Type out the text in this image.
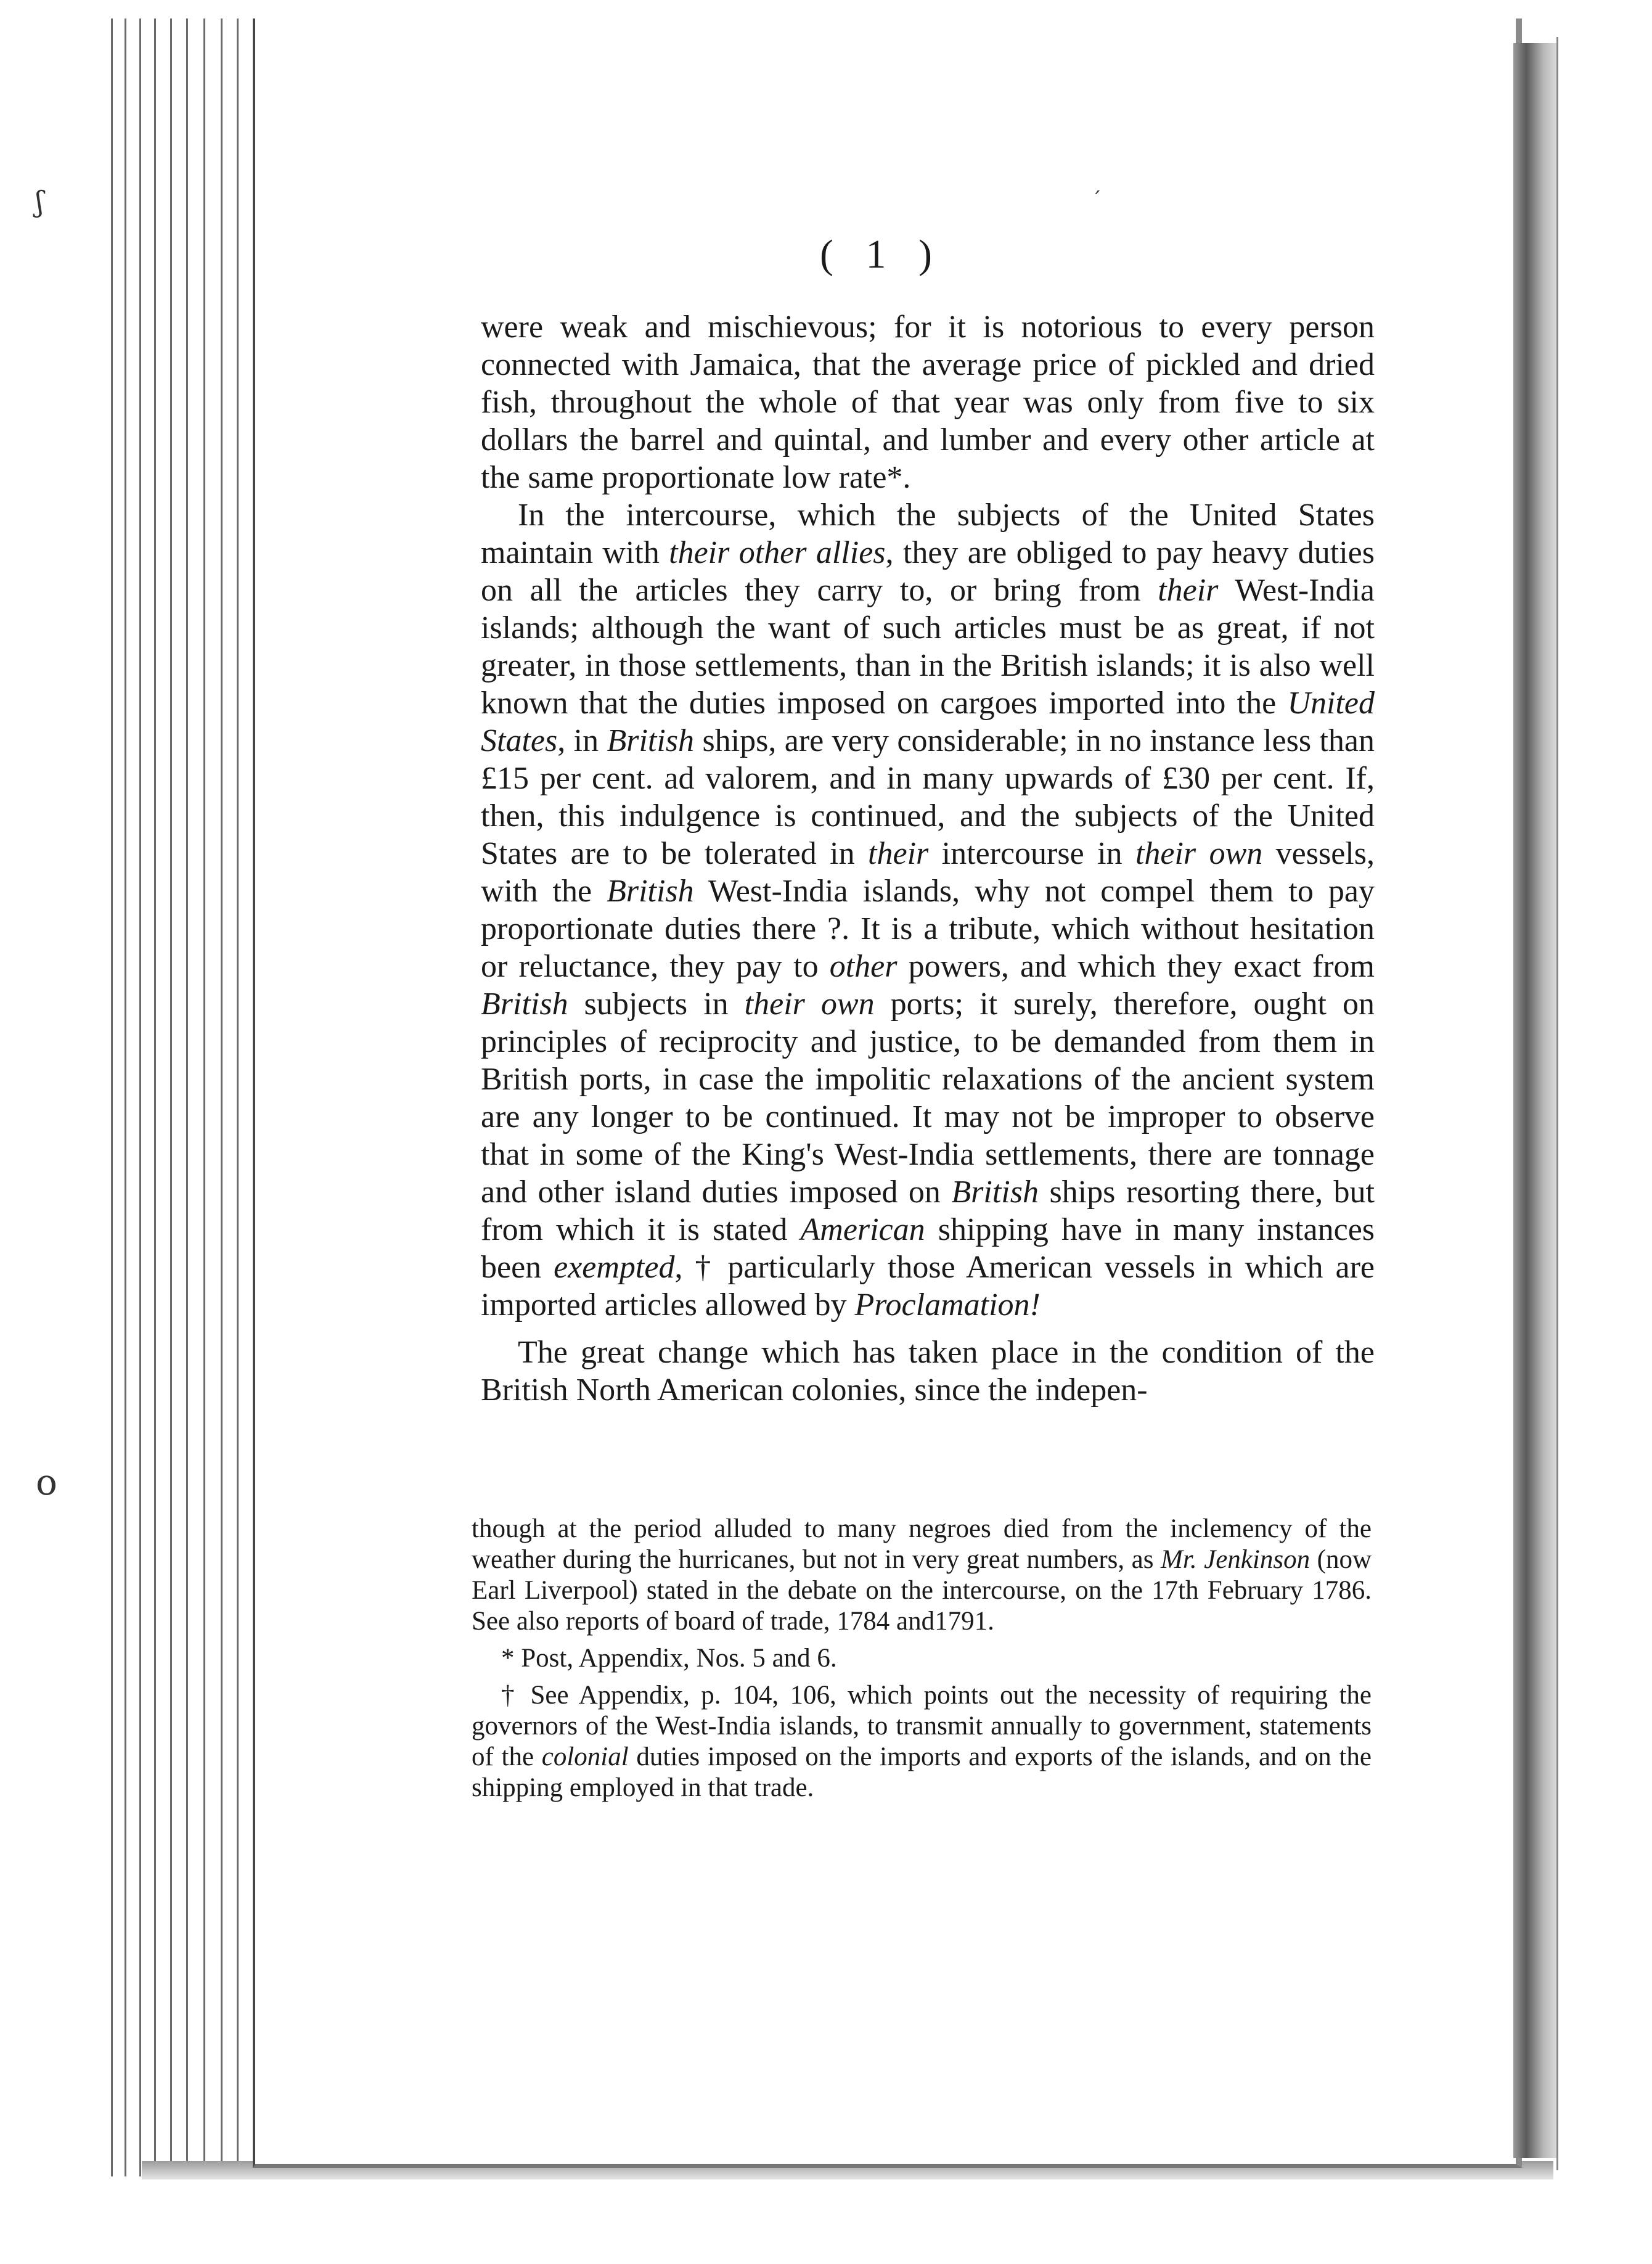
ʃ
o
ˊ
( 1 )

were weak and mischievous; for it is notorious to every person connected with Jamaica, that the average price of pickled and dried fish, throughout the whole of that year was only from five to six dollars the barrel and quintal, and lumber and every other article at the same proportionate low rate*.

In the intercourse, which the subjects of the United States maintain with their other allies, they are obliged to pay heavy duties on all the articles they carry to, or bring from their West-India islands; although the want of such articles must be as great, if not greater, in those settlements, than in the British islands; it is also well known that the duties imposed on cargoes imported into the United States, in British ships, are very considerable; in no instance less than £15 per cent. ad valorem, and in many upwards of £30 per cent. If, then, this indulgence is continued, and the subjects of the United States are to be tolerated in their intercourse in their own vessels, with the British West-India islands, why not compel them to pay proportionate duties there ?. It is a tribute, which without hesitation or reluctance, they pay to other powers, and which they exact from British subjects in their own ports; it surely, therefore, ought on principles of reciprocity and justice, to be demanded from them in British ports, in case the impolitic relaxations of the ancient system are any longer to be continued. It may not be improper to observe that in some of the King's West-India settlements, there are tonnage and other island duties imposed on British ships resorting there, but from which it is stated American shipping have in many instances been exempted, † particularly those American vessels in which are imported articles allowed by Proclamation!

The great change which has taken place in the condition of the British North American colonies, since the indepen-

though at the period alluded to many negroes died from the inclemency of the weather during the hurricanes, but not in very great numbers, as Mr. Jenkinson (now Earl Liverpool) stated in the debate on the intercourse, on the 17th February 1786. See also reports of board of trade, 1784 and1791.

* Post, Appendix, Nos. 5 and 6.

† See Appendix, p. 104, 106, which points out the necessity of requiring the governors of the West-India islands, to transmit annually to government, statements of the colonial duties imposed on the imports and exports of the islands, and on the shipping employed in that trade.
